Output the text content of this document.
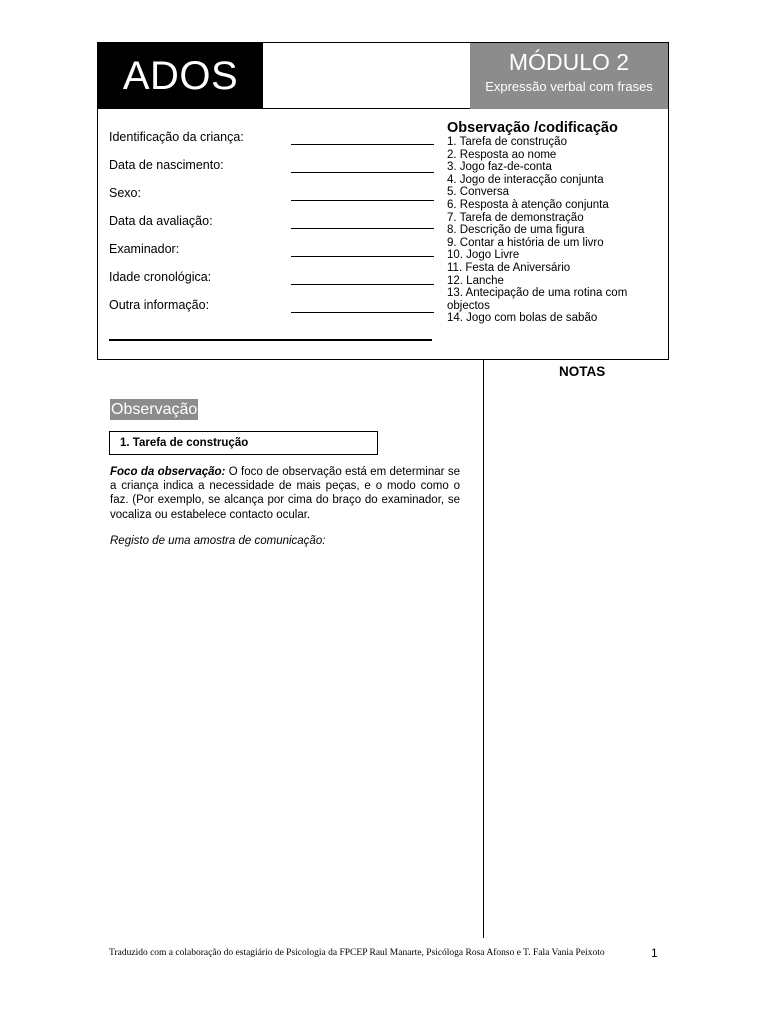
ADOS	MÓDULO 2
Expressão verbal com frases
Identificação da criança:
Data de nascimento:
Sexo:
Data da avaliação:
Examinador:
Idade cronológica:
Outra informação:
Observação /codificação
1. Tarefa de construção
2. Resposta ao nome
3. Jogo faz-de-conta
4. Jogo de interacção conjunta
5. Conversa
6. Resposta à atenção conjunta
7. Tarefa de demonstração
8. Descrição de uma figura
9. Contar a história de um livro
10. Jogo Livre
11. Festa de Aniversário
12. Lanche
13. Antecipação de uma rotina com objectos
14. Jogo com bolas de sabão
NOTAS
Observação
1. Tarefa de construção

Foco da observação: O foco de observação está em determinar se a criança indica a necessidade de mais peças, e o modo como o faz. (Por exemplo, se alcança por cima do braço do examinador, se vocaliza ou estabelece contacto ocular.

Registo de uma amostra de comunicação:
Traduzido com a colaboração do estagiário de Psicologia da FPCEP Raul Manarte, Psicóloga Rosa Afonso e T. Fala Vania Peixoto	1
